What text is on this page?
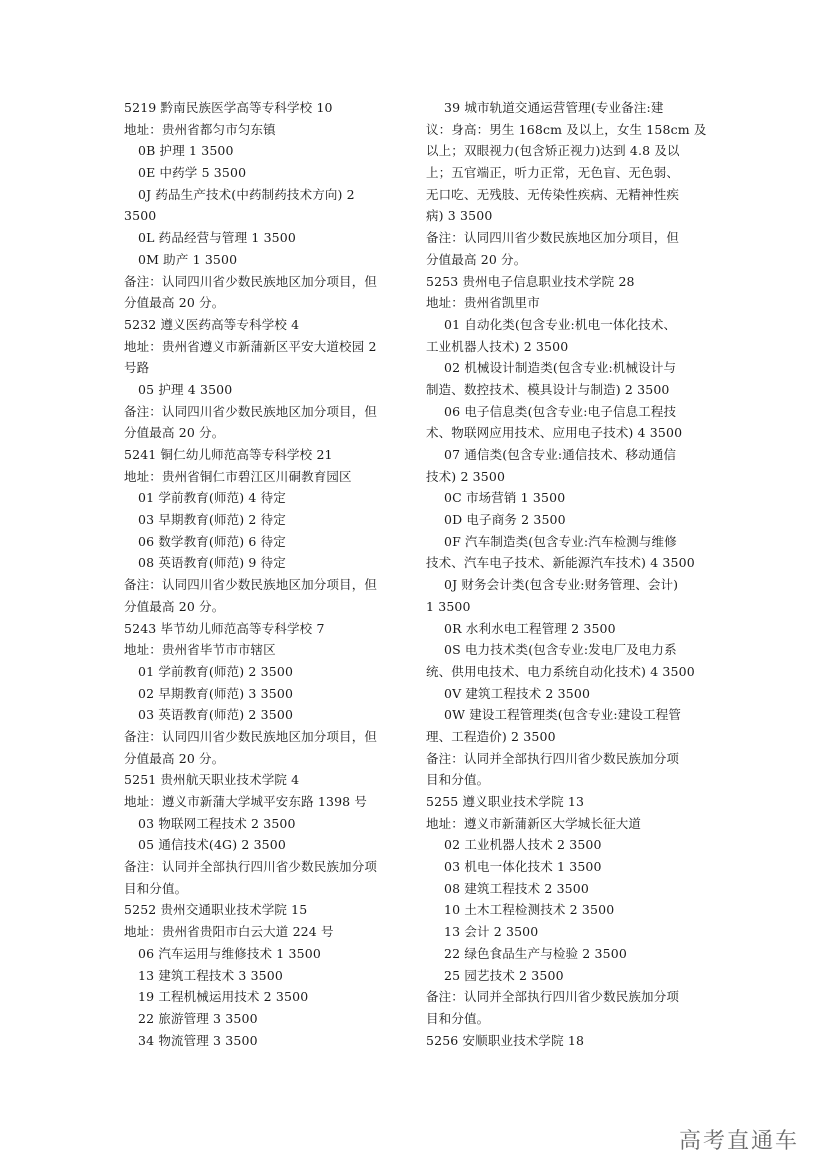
5219 黔南民族医学高等专科学校 10
地址：贵州省都匀市匀东镇
0B 护理 1 3500
0E 中药学 5 3500
0J 药品生产技术(中药制药技术方向) 2
3500
0L 药品经营与管理 1 3500
0M 助产 1 3500
备注：认同四川省少数民族地区加分项目，但
分值最高 20 分。
5232 遵义医药高等专科学校 4
地址：贵州省遵义市新蒲新区平安大道校园 2
号路
05 护理 4 3500
备注：认同四川省少数民族地区加分项目，但
分值最高 20 分。
5241 铜仁幼儿师范高等专科学校 21
地址：贵州省铜仁市碧江区川硐教育园区
01 学前教育(师范) 4 待定
03 早期教育(师范) 2 待定
06 数学教育(师范) 6 待定
08 英语教育(师范) 9 待定
备注：认同四川省少数民族地区加分项目，但
分值最高 20 分。
5243 毕节幼儿师范高等专科学校 7
地址：贵州省毕节市市辖区
01 学前教育(师范) 2 3500
02 早期教育(师范) 3 3500
03 英语教育(师范) 2 3500
备注：认同四川省少数民族地区加分项目，但
分值最高 20 分。
5251 贵州航天职业技术学院 4
地址：遵义市新蒲大学城平安东路 1398 号
03 物联网工程技术 2 3500
05 通信技术(4G) 2 3500
备注：认同并全部执行四川省少数民族加分项
目和分值。
5252 贵州交通职业技术学院 15
地址：贵州省贵阳市白云大道 224 号
06 汽车运用与维修技术 1 3500
13 建筑工程技术 3 3500
19 工程机械运用技术 2 3500
22 旅游管理 3 3500
34 物流管理 3 3500
39 城市轨道交通运营管理(专业备注:建
议：身高：男生 168cm 及以上，女生 158cm 及
以上；双眼视力(包含矫正视力)达到 4.8 及以
上；五官端正，听力正常，无色盲、无色弱、
无口吃、无残肢、无传染性疾病、无精神性疾
病) 3 3500
备注：认同四川省少数民族地区加分项目，但
分值最高 20 分。
5253 贵州电子信息职业技术学院 28
地址：贵州省凯里市
01 自动化类(包含专业:机电一体化技术、
工业机器人技术) 2 3500
02 机械设计制造类(包含专业:机械设计与
制造、数控技术、模具设计与制造) 2 3500
06 电子信息类(包含专业:电子信息工程技
术、物联网应用技术、应用电子技术) 4 3500
07 通信类(包含专业:通信技术、移动通信
技术) 2 3500
0C 市场营销 1 3500
0D 电子商务 2 3500
0F 汽车制造类(包含专业:汽车检测与维修
技术、汽车电子技术、新能源汽车技术) 4 3500
0J 财务会计类(包含专业:财务管理、会计)
1 3500
0R 水利水电工程管理 2 3500
0S 电力技术类(包含专业:发电厂及电力系
统、供用电技术、电力系统自动化技术) 4 3500
0V 建筑工程技术 2 3500
0W 建设工程管理类(包含专业:建设工程管
理、工程造价) 2 3500
备注：认同并全部执行四川省少数民族加分项
目和分值。
5255 遵义职业技术学院 13
地址：遵义市新蒲新区大学城长征大道
02 工业机器人技术 2 3500
03 机电一体化技术 1 3500
08 建筑工程技术 2 3500
10 土木工程检测技术 2 3500
13 会计 2 3500
22 绿色食品生产与检验 2 3500
25 园艺技术 2 3500
备注：认同并全部执行四川省少数民族加分项
目和分值。
5256 安顺职业技术学院 18
高考直通车
